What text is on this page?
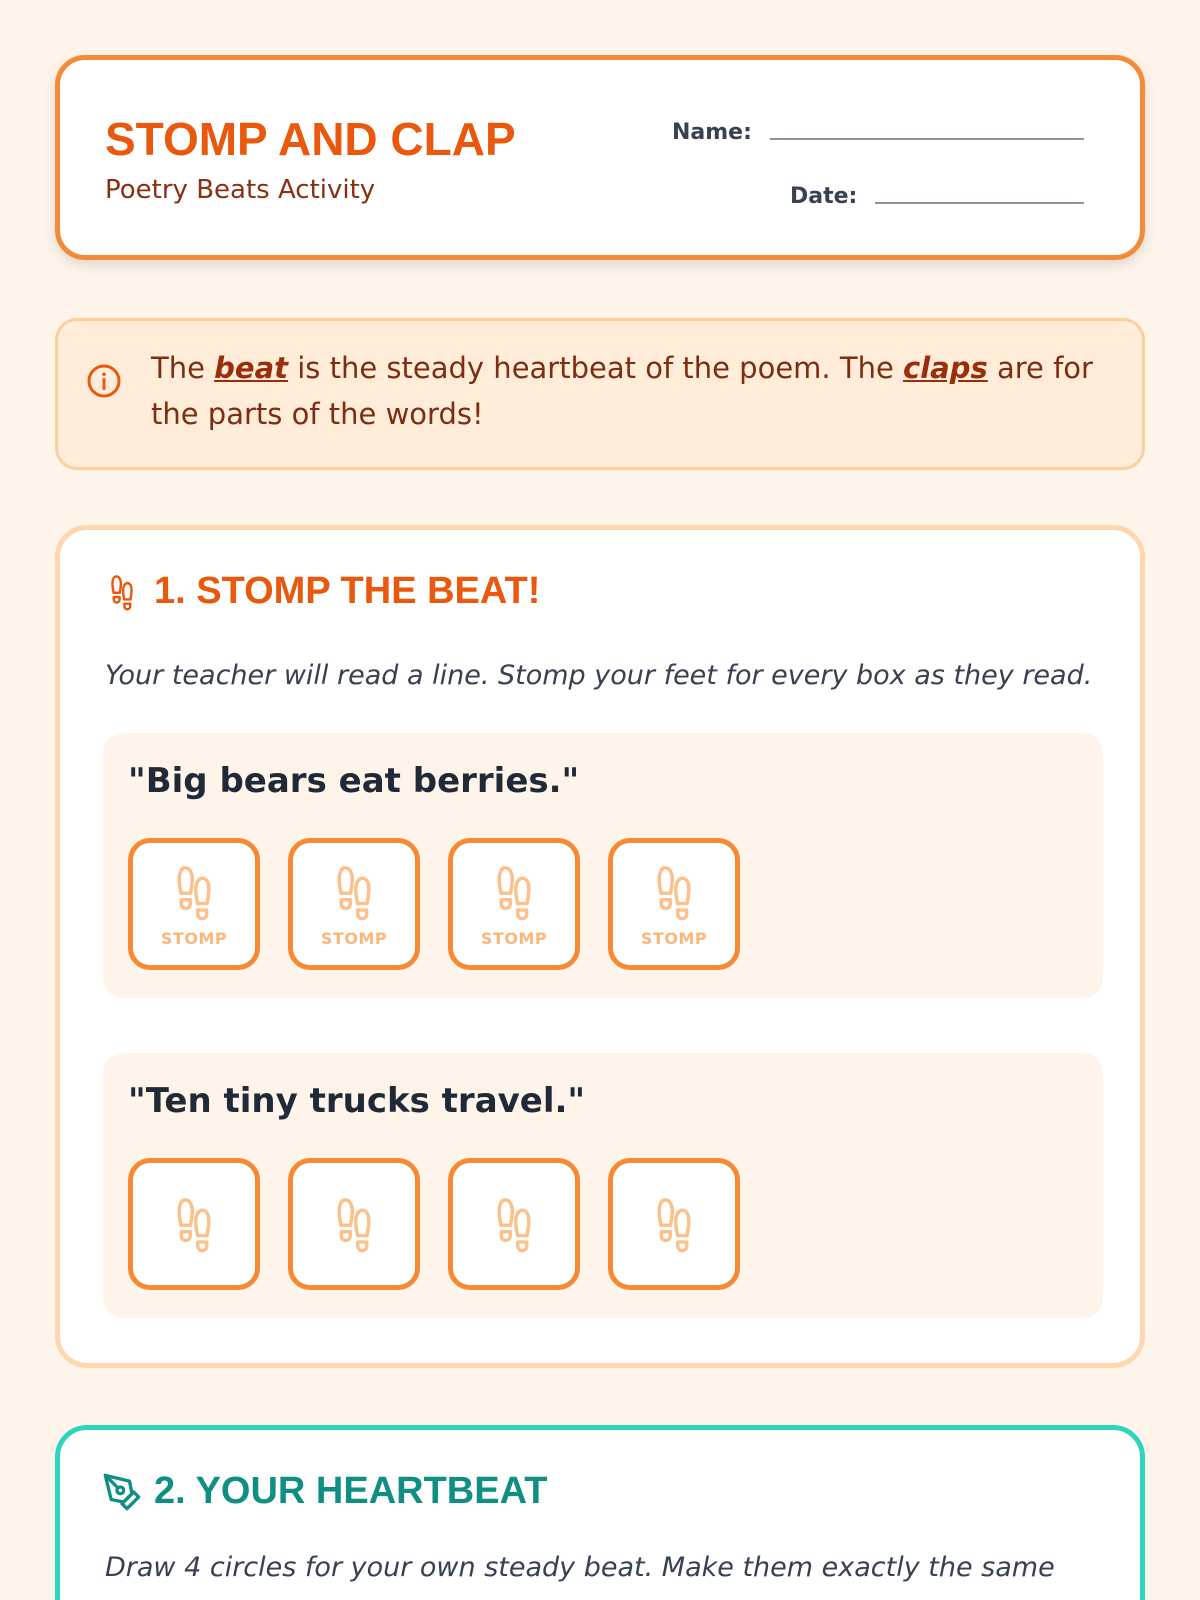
STOMP AND CLAP
Poetry Beats Activity
Name:
Date:
The beat is the steady heartbeat of the poem. The claps are for the parts of the words!
1. STOMP THE BEAT!
Your teacher will read a line. Stomp your feet for every box as they read.
"Big bears eat berries."
STOMP	STOMP	STOMP	STOMP
"Ten tiny trucks travel."
2. YOUR HEARTBEAT
Draw 4 circles for your own steady beat. Make them exactly the same
